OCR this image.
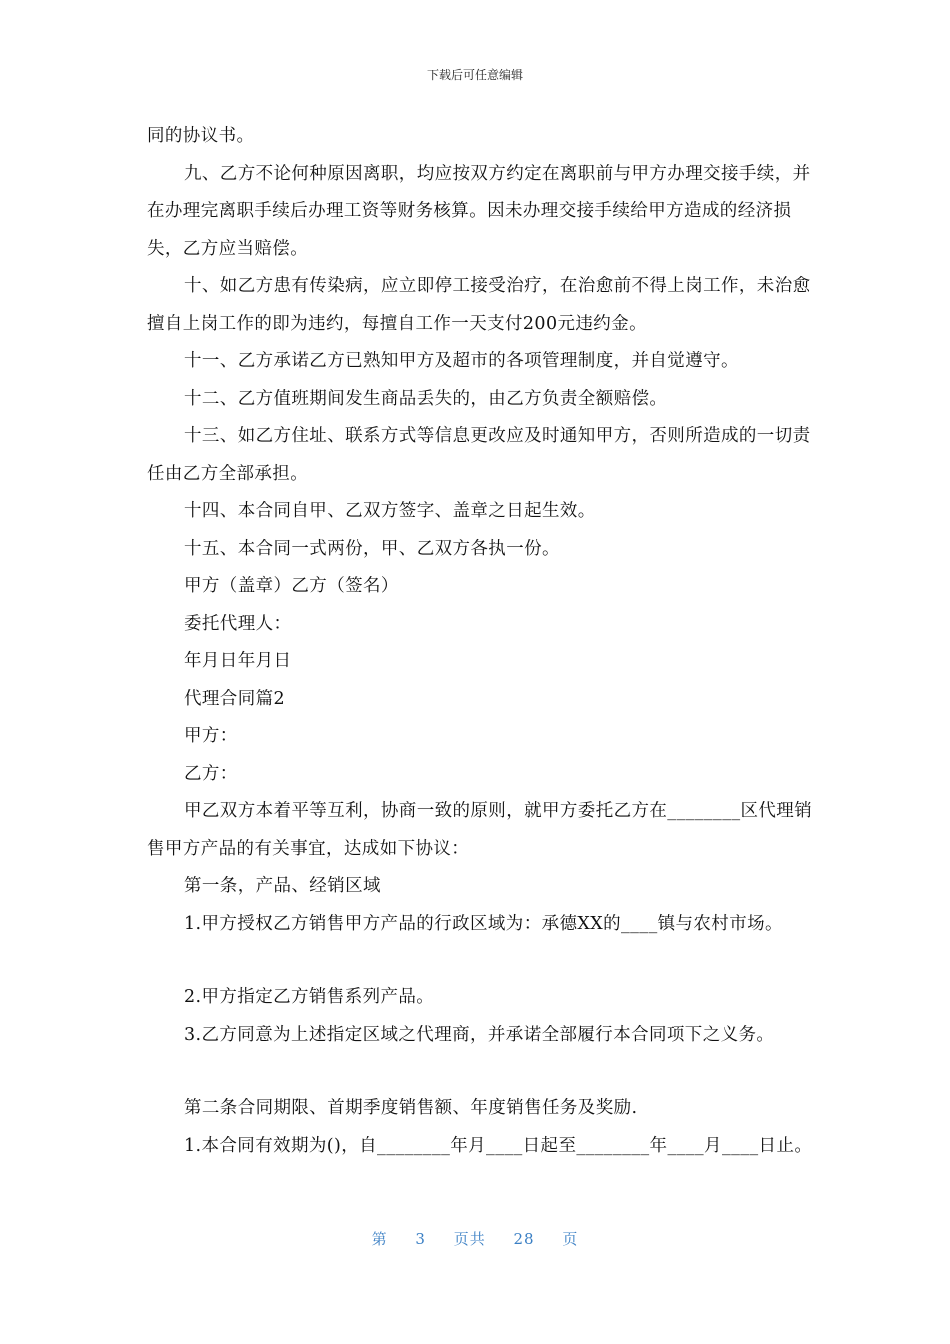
下载后可任意编辑

同的协议书。

九、乙方不论何种原因离职，均应按双方约定在离职前与甲方办理交接手续，并在办理完离职手续后办理工资等财务核算。因未办理交接手续给甲方造成的经济损失，乙方应当赔偿。

十、如乙方患有传染病，应立即停工接受治疗，在治愈前不得上岗工作，未治愈擅自上岗工作的即为违约，每擅自工作一天支付200元违约金。

十一、乙方承诺乙方已熟知甲方及超市的各项管理制度，并自觉遵守。

十二、乙方值班期间发生商品丢失的，由乙方负责全额赔偿。

十三、如乙方住址、联系方式等信息更改应及时通知甲方，否则所造成的一切责任由乙方全部承担。

十四、本合同自甲、乙双方签字、盖章之日起生效。

十五、本合同一式两份，甲、乙双方各执一份。

甲方（盖章）乙方（签名）

委托代理人：

年月日年月日

代理合同篇2

甲方：

乙方：

甲乙双方本着平等互利，协商一致的原则，就甲方委托乙方在________区代理销售甲方产品的有关事宜，达成如下协议：

第一条，产品、经销区域

1.甲方授权乙方销售甲方产品的行政区域为：承德XX的____镇与农村市场。

2.甲方指定乙方销售系列产品。

3.乙方同意为上述指定区域之代理商，并承诺全部履行本合同项下之义务。

第二条合同期限、首期季度销售额、年度销售任务及奖励.

1.本合同有效期为()，自________年月____日起至________年____月____日止。

第 3 页共 28 页
